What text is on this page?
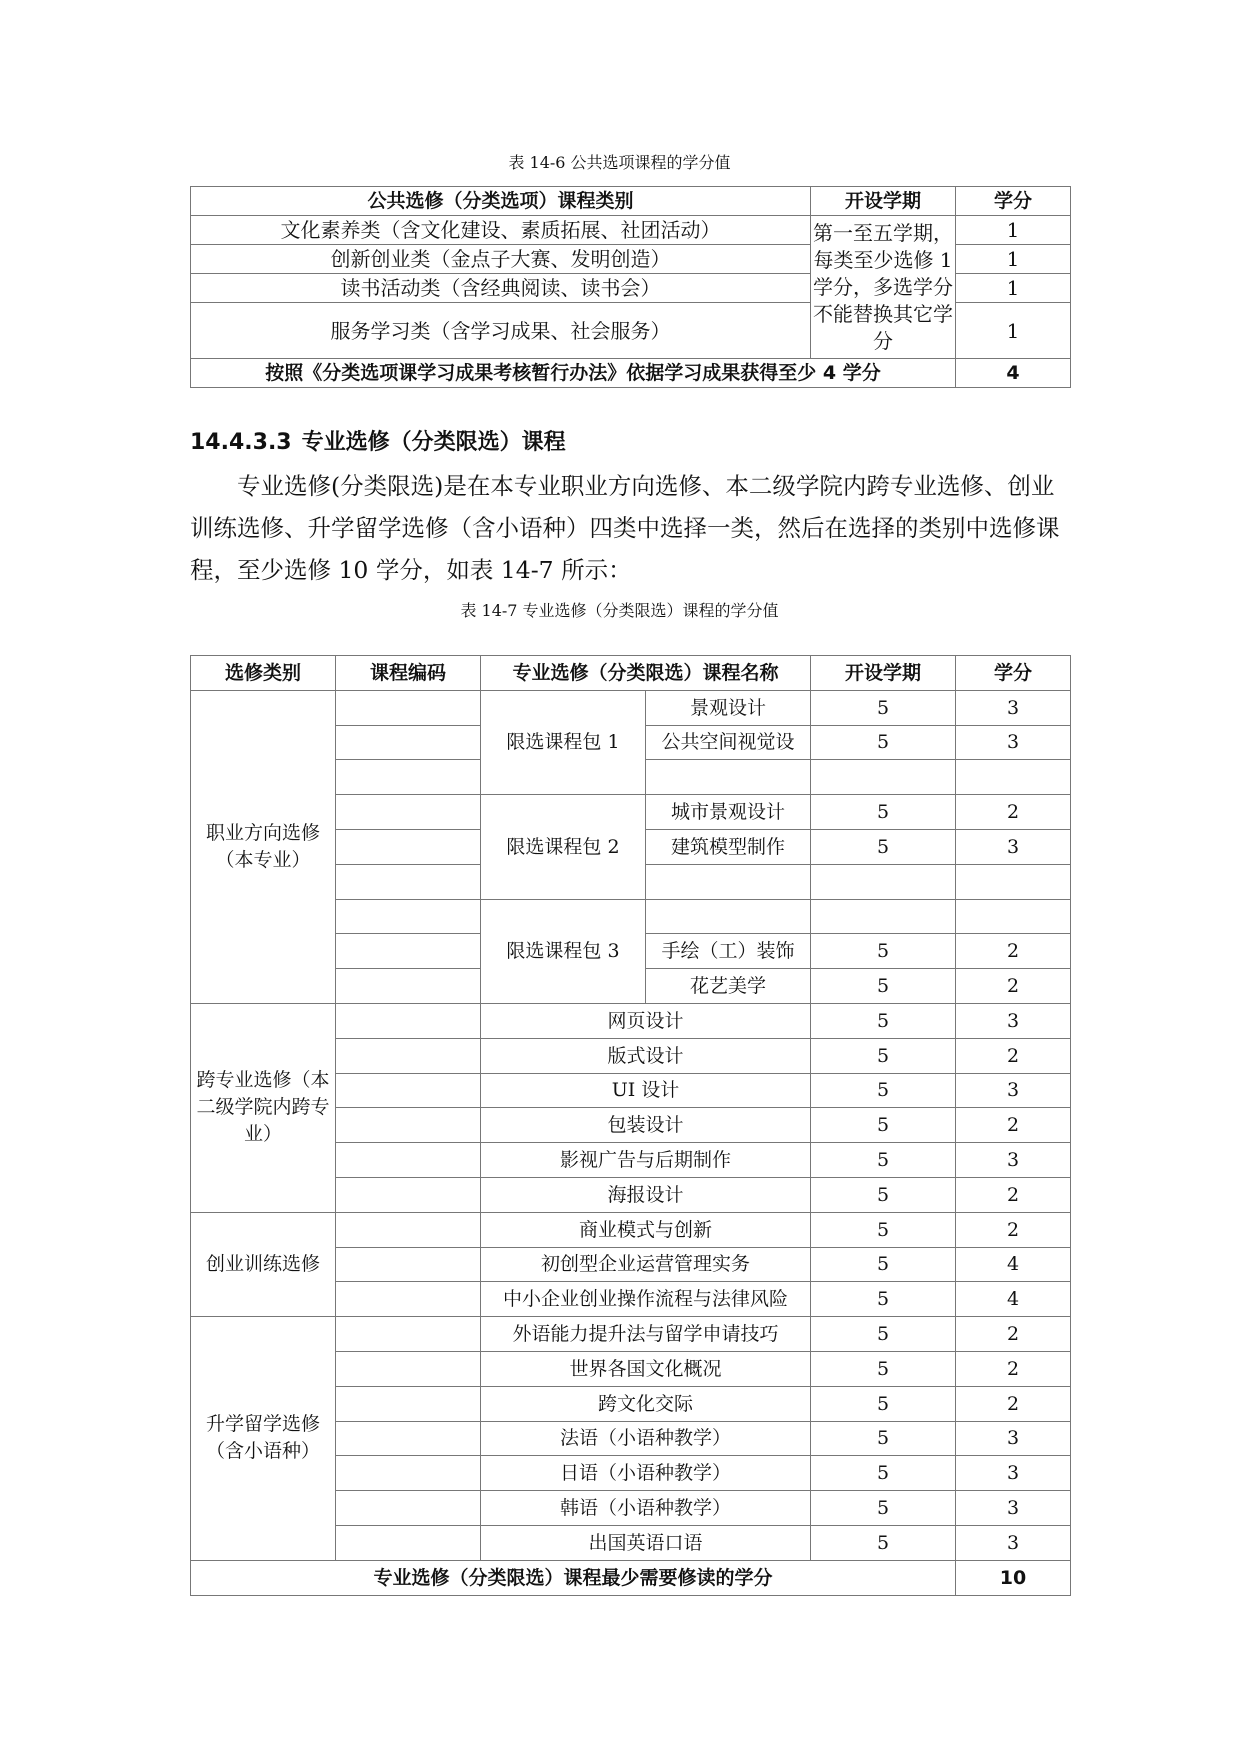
表 14-6 公共选项课程的学分值
公共选修（分类选项）课程类别	开设学期	学分
文化素养类（含文化建设、素质拓展、社团活动）	第一至五学期，每类至少选修 1 学分，多选学分不能替换其它学分	1
创新创业类（金点子大赛、发明创造）		1
读书活动类（含经典阅读、读书会）		1
服务学习类（含学习成果、社会服务）		1
按照《分类选项课学习成果考核暂行办法》依据学习成果获得至少 4 学分		4
14.4.3.3 专业选修（分类限选）课程

专业选修(分类限选)是在本专业职业方向选修、本二级学院内跨专业选修、创业训练选修、升学留学选修（含小语种）四类中选择一类，然后在选择的类别中选修课程，至少选修 10 学分，如表 14-7 所示：

表 14-7 专业选修（分类限选）课程的学分值
选修类别	课程编码	专业选修（分类限选）课程名称		开设学期	学分
职业方向选修（本专业）		限选课程包 1	景观设计	5	3
			公共空间视觉设	5	3

		限选课程包 2	城市景观设计	5	2
			建筑模型制作	5	3

		限选课程包 3			
			手绘（工）装饰	5	2
			花艺美学	5	2
跨专业选修（本二级学院内跨专业）		网页设计		5	3
		版式设计		5	2
		UI 设计		5	3
		包装设计		5	2
		影视广告与后期制作		5	3
		海报设计		5	2
创业训练选修		商业模式与创新		5	2
		初创型企业运营管理实务		5	4
		中小企业创业操作流程与法律风险		5	4
升学留学选修（含小语种）		外语能力提升法与留学申请技巧		5	2
		世界各国文化概况		5	2
		跨文化交际		5	2
		法语（小语种教学）		5	3
		日语（小语种教学）		5	3
		韩语（小语种教学）		5	3
		出国英语口语		5	3
专业选修（分类限选）课程最少需要修读的学分					10
